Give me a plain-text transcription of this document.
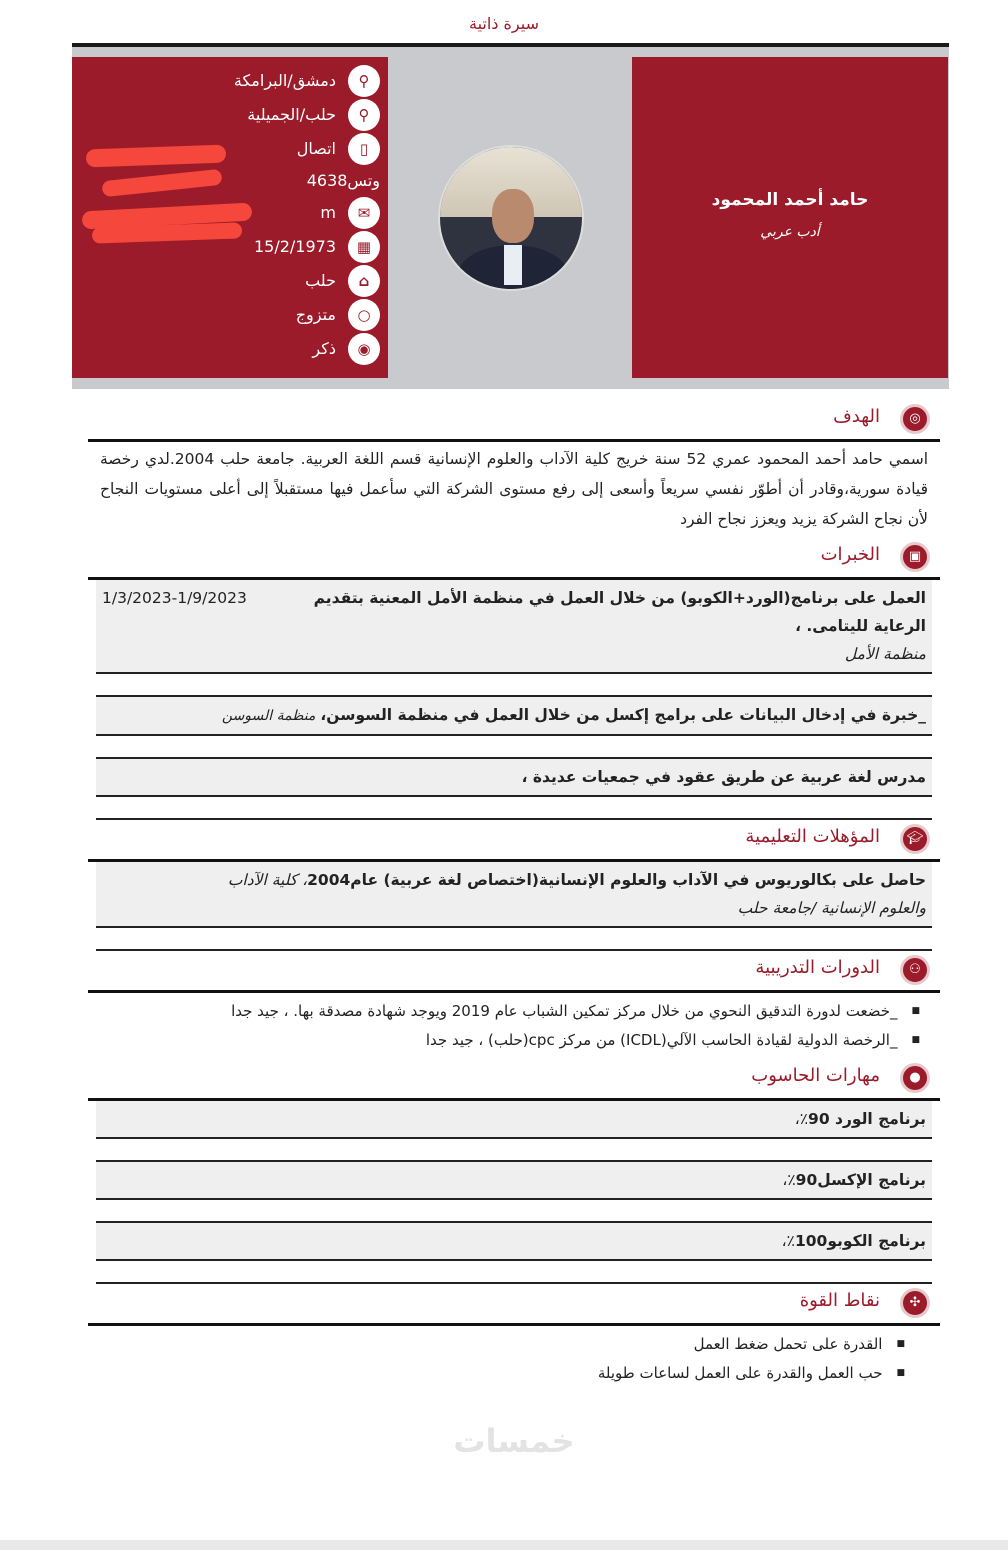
سيرة ذاتية
⚲
دمشق/البرامكة
⚲
حلب/الجميلية
▯
اتصال
وتس4638
✉
m
▦
15/2/1973
⌂
حلب
○
متزوج
◉
ذكر
حامد أحمد المحمود
أدب عربي
◎
الهدف
اسمي حامد أحمد المحمود عمري 52 سنة خريج كلية الآداب والعلوم الإنسانية قسم اللغة العربية. جامعة حلب 2004.لدي رخصة قيادة سورية،وقادر أن أطوّر نفسي سريعاً وأسعى إلى رفع مستوى الشركة التي سأعمل فيها مستقبلاً إلى أعلى مستويات النجاح لأن نجاح الشركة يزيد ويعزز نجاح الفرد
▣
الخبرات
العمل على برنامج(الورد+الكوبو) من خلال العمل في منظمة الأمل المعنية بتقديم الرعاية لليتامى. ،
1/3/2023-1/9/2023
منظمة الأمل
_خبرة في إدخال البيانات على برامج إكسل من خلال العمل في منظمة السوسن، منظمة السوسن
مدرس لغة عربية عن طريق عقود في جمعيات عديدة ،
🎓︎
المؤهلات التعليمية
حاصل على بكالوريوس في الآداب والعلوم الإنسانية(اختصاص لغة عربية) عام2004، كلية الآداب
والعلوم الإنسانية /جامعة حلب
⚇
الدورات التدريبية
■ _خضعت لدورة التدقيق النحوي من خلال مركز تمكين الشباب عام 2019 ويوجد شهادة مصدقة بها. ، جيد جدا
■ _الرخصة الدولية لقيادة الحاسب الآلي(ICDL) من مركز cpc(حلب) ، جيد جدا
●
مهارات الحاسوب
برنامج الورد 90٪،
برنامج الإكسل90٪،
برنامج الكوبو100٪،
✣
نقاط القوة
■ القدرة على تحمل ضغط العمل
■ حب العمل والقدرة على العمل لساعات طويلة
خمسات
